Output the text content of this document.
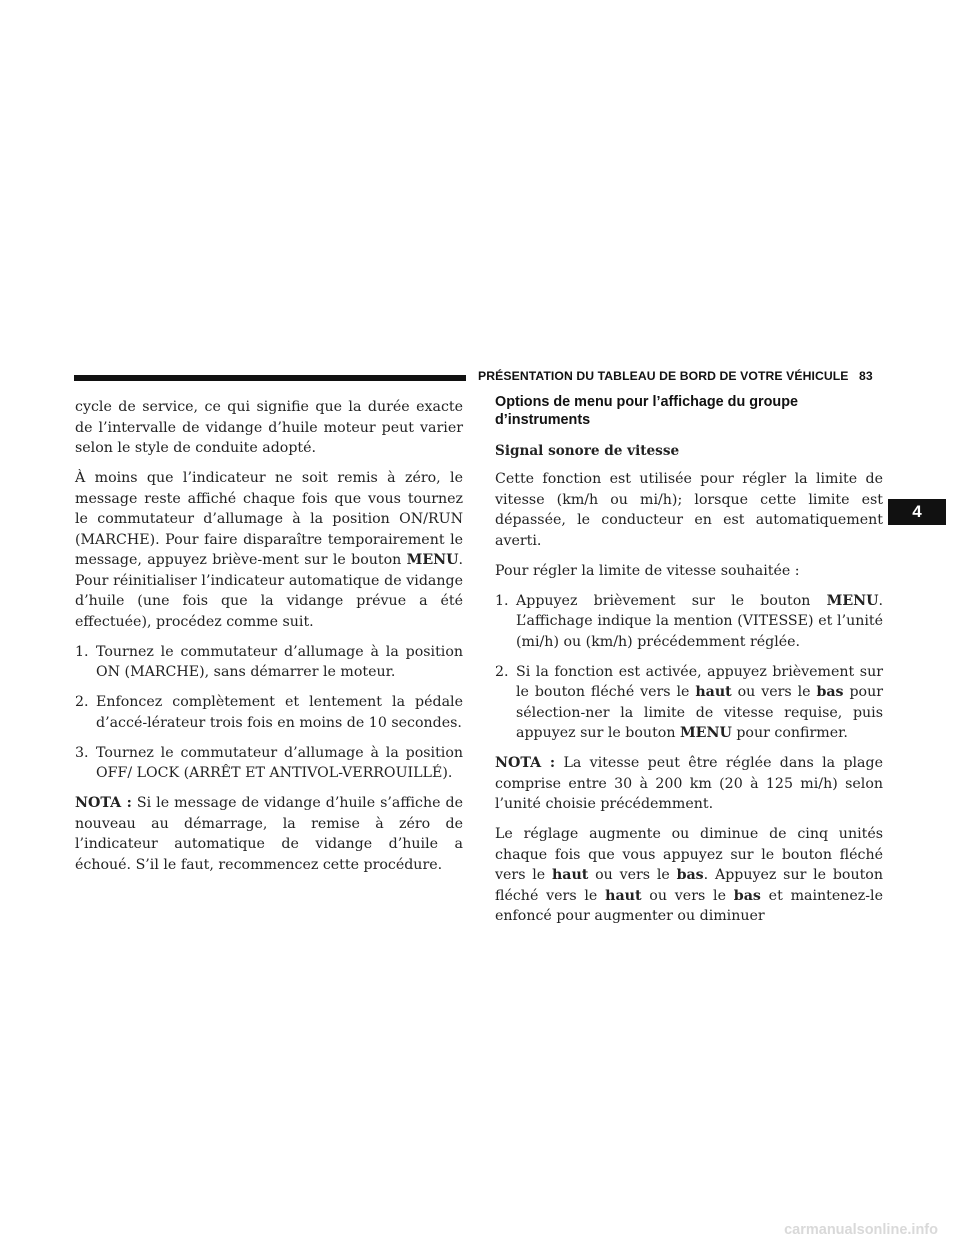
PRÉSENTATION DU TABLEAU DE BORD DE VOTRE VÉHICULE 83
4

cycle de service, ce qui signifie que la durée exacte de l’intervalle de vidange d’huile moteur peut varier selon le style de conduite adopté.

À moins que l’indicateur ne soit remis à zéro, le message reste affiché chaque fois que vous tournez le commutateur d’allumage à la position ON/RUN (MARCHE). Pour faire disparaître temporairement le message, appuyez briève-ment sur le bouton MENU. Pour réinitialiser l’indicateur automatique de vidange d’huile (une fois que la vidange prévue a été effectuée), procédez comme suit.

1. Tournez le commutateur d’allumage à la position ON (MARCHE), sans démarrer le moteur.
2. Enfoncez complètement et lentement la pédale d’accé-lérateur trois fois en moins de 10 secondes.
3. Tournez le commutateur d’allumage à la position OFF/ LOCK (ARRÊT ET ANTIVOL-VERROUILLÉ).

NOTA : Si le message de vidange d’huile s’affiche de nouveau au démarrage, la remise à zéro de l’indicateur automatique de vidange d’huile a échoué. S’il le faut, recommencez cette procédure.

Options de menu pour l’affichage du groupe d’instruments
Signal sonore de vitesse

Cette fonction est utilisée pour régler la limite de vitesse (km/h ou mi/h); lorsque cette limite est dépassée, le conducteur en est automatiquement averti.

Pour régler la limite de vitesse souhaitée :

1. Appuyez brièvement sur le bouton MENU. L’affichage indique la mention (VITESSE) et l’unité (mi/h) ou (km/h) précédemment réglée.
2. Si la fonction est activée, appuyez brièvement sur le bouton fléché vers le haut ou vers le bas pour sélection-ner la limite de vitesse requise, puis appuyez sur le bouton MENU pour confirmer.

NOTA : La vitesse peut être réglée dans la plage comprise entre 30 à 200 km (20 à 125 mi/h) selon l’unité choisie précédemment.

Le réglage augmente ou diminue de cinq unités chaque fois que vous appuyez sur le bouton fléché vers le haut ou vers le bas. Appuyez sur le bouton fléché vers le haut ou vers le bas et maintenez-le enfoncé pour augmenter ou diminuer

carmanualsonline.info
